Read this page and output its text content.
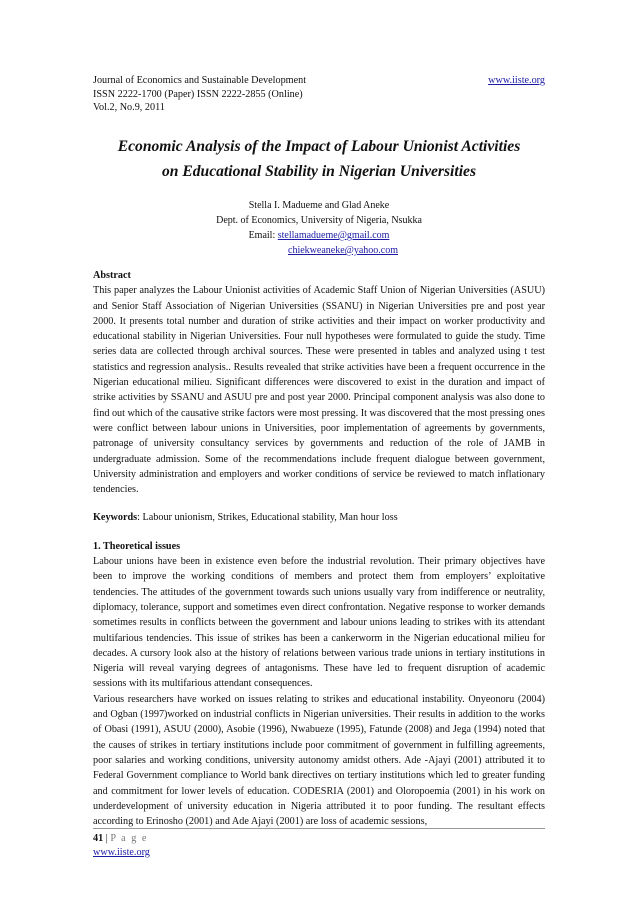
Journal of Economics and Sustainable Development	www.iiste.org
ISSN 2222-1700 (Paper) ISSN 2222-2855 (Online)
Vol.2, No.9, 2011
Economic Analysis of the Impact of Labour Unionist Activities
on Educational Stability in Nigerian Universities
Stella I. Madueme and Glad Aneke
Dept. of Economics, University of Nigeria, Nsukka
Email: stellamadueme@gmail.com
chiekweaneke@yahoo.com

Abstract

This paper analyzes the Labour Unionist activities of Academic Staff Union of Nigerian Universities (ASUU) and Senior Staff Association of Nigerian Universities (SSANU) in Nigerian Universities pre and post year 2000. It presents total number and duration of strike activities and their impact on worker productivity and educational stability in Nigerian Universities. Four null hypotheses were formulated to guide the study. Time series data are collected through archival sources. These were presented in tables and analyzed using t test statistics and regression analysis.. Results revealed that strike activities have been a frequent occurrence in the Nigerian educational milieu. Significant differences were discovered to exist in the duration and impact of strike activities by SSANU and ASUU pre and post year 2000. Principal component analysis was also done to find out which of the causative strike factors were most pressing. It was discovered that the most pressing ones were conflict between labour unions in Universities, poor implementation of agreements by governments, patronage of university consultancy services by governments and reduction of the role of JAMB in undergraduate admission. Some of the recommendations include frequent dialogue between government, University administration and employers and worker conditions of service be reviewed to match inflationary tendencies.

Keywords: Labour unionism, Strikes, Educational stability, Man hour loss

1. Theoretical issues

Labour unions have been in existence even before the industrial revolution. Their primary objectives have been to improve the working conditions of members and protect them from employers’ exploitative tendencies. The attitudes of the government towards such unions usually vary from indifference or neutrality, diplomacy, tolerance, support and sometimes even direct confrontation. Negative response to worker demands sometimes results in conflicts between the government and labour unions leading to strikes with its attendant multifarious tendencies. This issue of strikes has been a cankerworm in the Nigerian educational milieu for decades. A cursory look also at the history of relations between various trade unions in tertiary institutions in Nigeria will reveal varying degrees of antagonisms. These have led to frequent disruption of academic sessions with its multifarious attendant consequences.

Various researchers have worked on issues relating to strikes and educational instability. Onyeonoru (2004) and Ogban (1997)worked on industrial conflicts in Nigerian universities. Their results in addition to the works of Obasi (1991), ASUU (2000), Asobie (1996), Nwabueze (1995), Fatunde (2008) and Jega (1994) noted that the causes of strikes in tertiary institutions include poor commitment of government in fulfilling agreements, poor salaries and working conditions, university autonomy amidst others. Ade -Ajayi (2001) attributed it to Federal Government compliance to World bank directives on tertiary institutions which led to greater funding and commitment for lower levels of education. CODESRIA (2001) and Oloropoemia (2001) in his work on underdevelopment of university education in Nigeria attributed it to poor funding. The resultant effects according to Erinosho (2001) and Ade Ajayi (2001) are loss of academic sessions,

41 | P a g e
www.iiste.org
